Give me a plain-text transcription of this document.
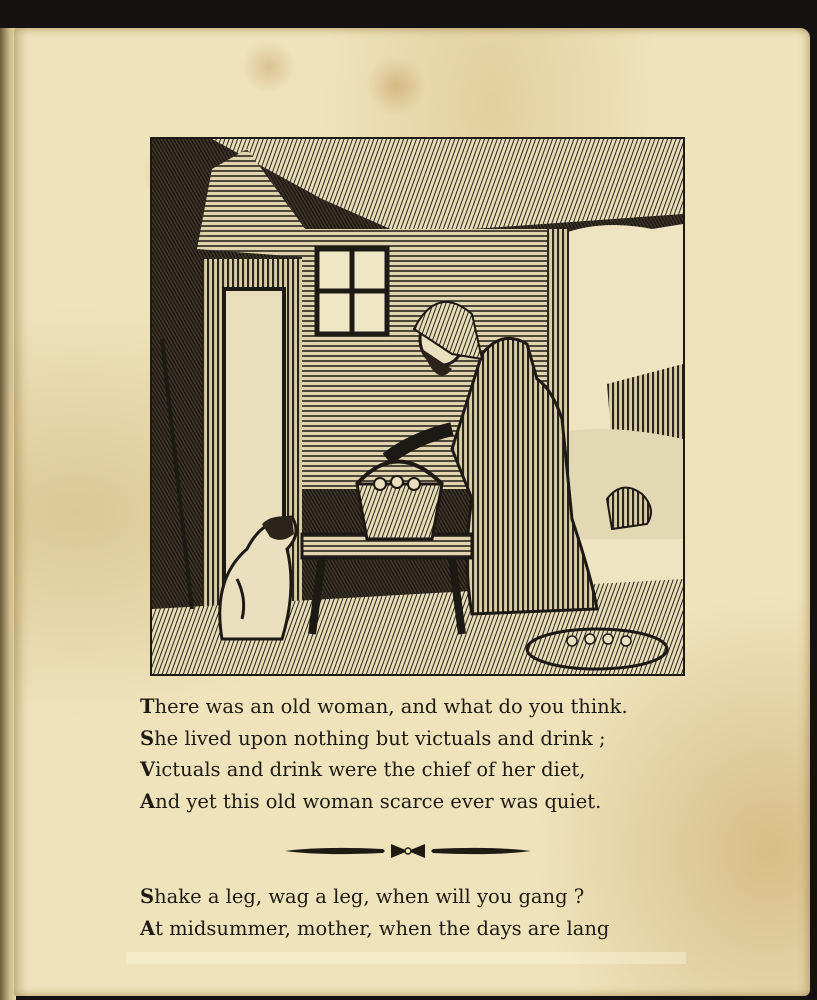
There was an old woman, and what do you think.
She lived upon nothing but victuals and drink ;
Victuals and drink were the chief of her diet,
And yet this old woman scarce ever was quiet.
Shake a leg, wag a leg, when will you gang ?
At midsummer, mother, when the days are lang
